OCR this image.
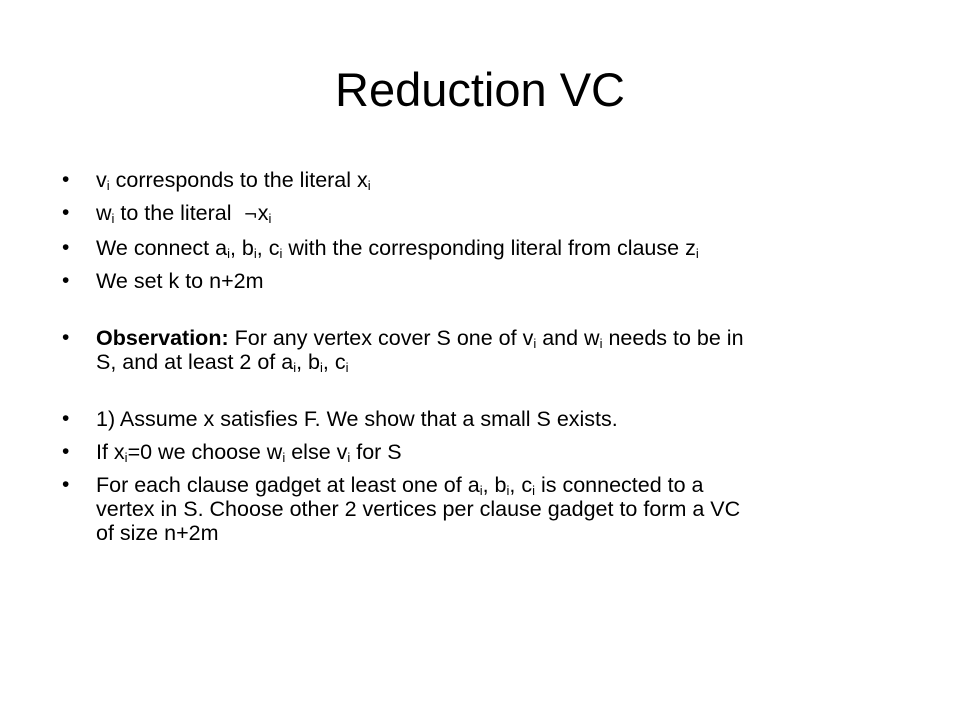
Reduction VC
• $v_i$ corresponds to the literal $x_i$
• $w_i$ to the literal $\neg x_i$
• We connect $a_i$, $b_i$, $c_i$ with the corresponding literal from clause $z_i$
• We set k to n+2m
• Observation: For any vertex cover S one of $v_i$ and $w_i$ needs to be in
S, and at least 2 of $a_i$, $b_i$, $c_i$
• 1) Assume x satisfies F. We show that a small S exists.
• If $x_i=0$ we choose $w_i$ else $v_i$ for S
• For each clause gadget at least one of $a_i$, $b_i$, $c_i$ is connected to a
vertex in S. Choose other 2 vertices per clause gadget to form a VC
of size n+2m
